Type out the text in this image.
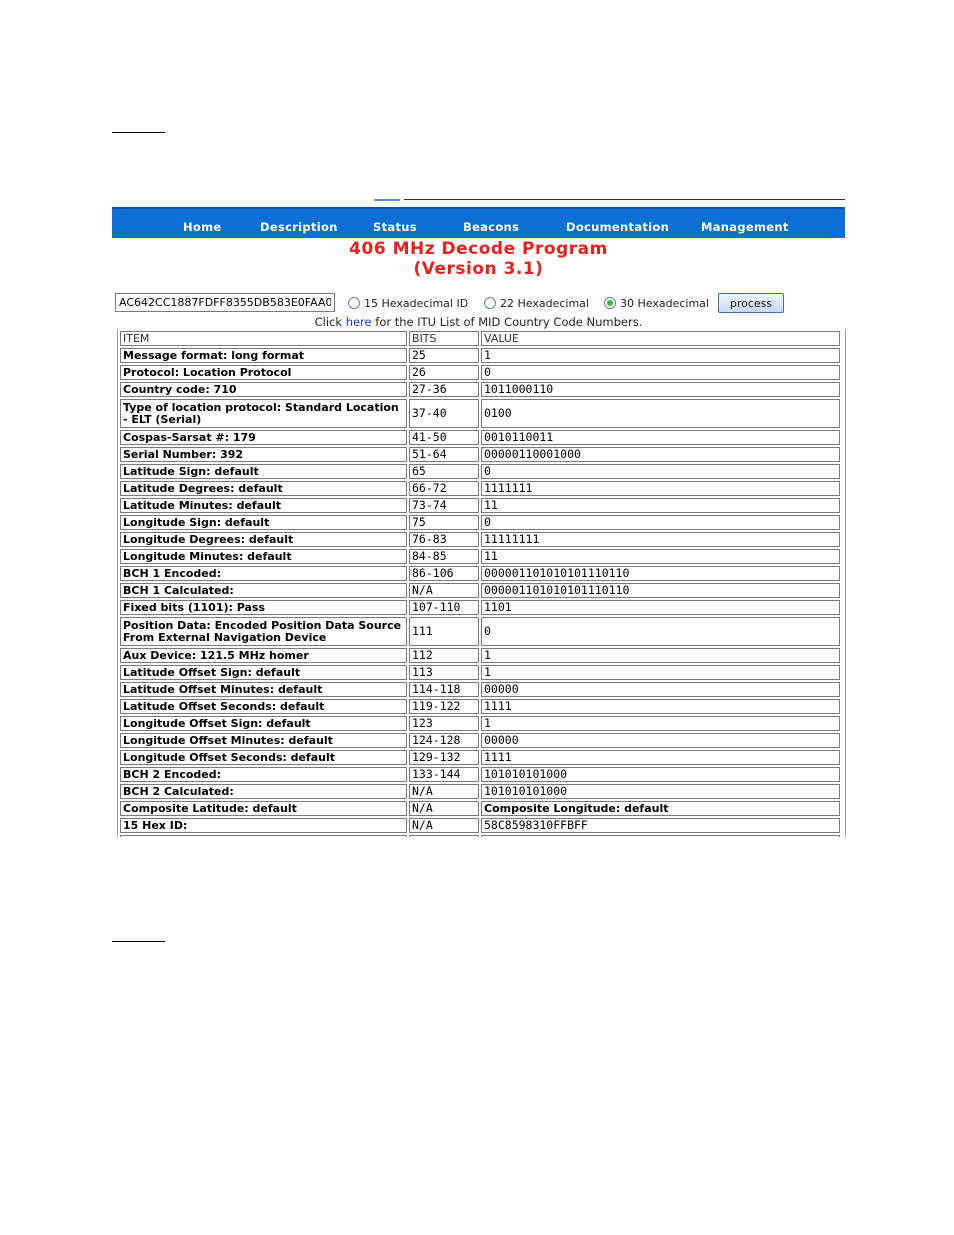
Home	Description	Status	Beacons	Documentation	Management
406 MHz Decode Program
(Version 3.1)
AC642CC1887FDFF8355DB583E0FAA0
15 Hexadecimal ID	22 Hexadecimal	30 Hexadecimal	process
Click here for the ITU List of MID Country Code Numbers.
ITEM	BITS	VALUE
Message format: long format	25	1
Protocol: Location Protocol	26	0
Country code: 710	27-36	1011000110
Type of location protocol: Standard Location - ELT (Serial)	37-40	0100
Cospas-Sarsat #: 179	41-50	0010110011
Serial Number: 392	51-64	00000110001000
Latitude Sign: default	65	0
Latitude Degrees: default	66-72	1111111
Latitude Minutes: default	73-74	11
Longitude Sign: default	75	0
Longitude Degrees: default	76-83	11111111
Longitude Minutes: default	84-85	11
BCH 1 Encoded:	86-106	000001101010101110110
BCH 1 Calculated:	N/A	000001101010101110110
Fixed bits (1101): Pass	107-110	1101
Position Data: Encoded Position Data Source From External Navigation Device	111	0
Aux Device: 121.5 MHz homer	112	1
Latitude Offset Sign: default	113	1
Latitude Offset Minutes: default	114-118	00000
Latitude Offset Seconds: default	119-122	1111
Longitude Offset Sign: default	123	1
Longitude Offset Minutes: default	124-128	00000
Longitude Offset Seconds: default	129-132	1111
BCH 2 Encoded:	133-144	101010101000
BCH 2 Calculated:	N/A	101010101000
Composite Latitude: default	N/A	Composite Longitude: default
15 Hex ID:	N/A	58C8598310FFBFF
